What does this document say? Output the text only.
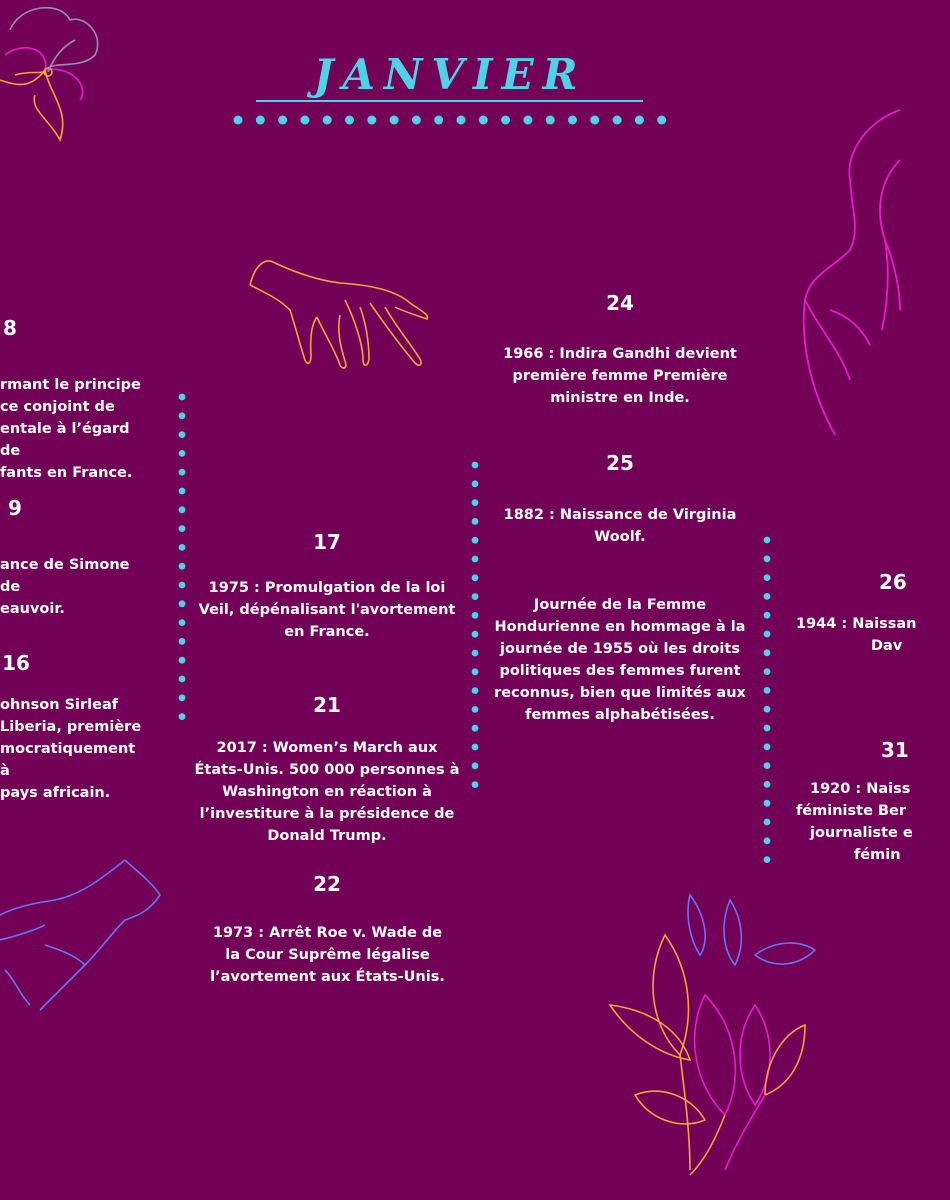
JANVIER

8

rmant le principe
ce conjoint de
entale à l’égard de
fants en France.

9

ance de Simone de
eauvoir.

16

ohnson Sirleaf
Liberia, première
mocratiquement à
pays africain.

17

1975 : Promulgation de la loi Veil, dépénalisant l'avortement en France.

21

2017 : Women’s March aux États-Unis. 500 000 personnes à Washington en réaction à l’investiture à la présidence de Donald Trump.

22

1973 : Arrêt Roe v. Wade de la Cour Suprême légalise l’avortement aux États-Unis.

24

1966 : Indira Gandhi devient première femme Première ministre en Inde.

25

1882 : Naissance de Virginia Woolf.

Journée de la Femme Hondurienne en hommage à la journée de 1955 où les droits politiques des femmes furent reconnus, bien que limités aux femmes alphabétisées.

26

1944 : Naissan
Dav

31

1920 : Naiss
féministe Ber
journaliste e
fémin
